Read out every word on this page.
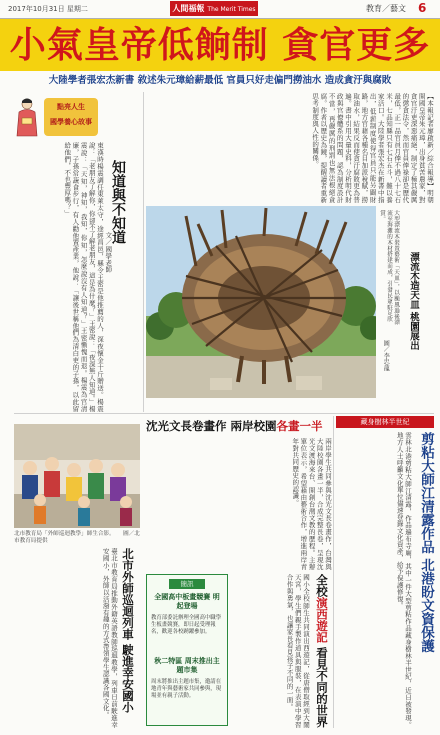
2017年10月31日 星期二	人間福報 The Merit Times	教育／藝文 6
小氣皇帝低餉制 貪官更多
大陸學者張宏杰新書 敘述朱元璋給薪最低 官員只好走偏門撈油水 造成貪汙與腐敗
點亮人生
國學養心故事	【本報記者廖啟新／綜合報導】明朝開國皇帝朱元璋，出身貧苦農家，對貪官汙吏深惡痛絕，制定了極其嚴厲的懲貪法令，然而官員俸祿卻是歷代最低，正一品官員月俸不過八十七石米，七品知縣只有七石五斗，難以養家活口。大陸學者張宏杰在新書中指出，低薪制度使得官員只能另闢財路，地方官藉各種名目加派稅賦，撈取油水，結果反而使貪汙腐敗更為普遍。書中引用大量史料，分析明代財政與官僚體系的問題，認為制度設計不當，再嚴厲的刑罰也無法根絕貪腐。作者以歷史為鏡，提醒讀者重新思考制度與人性的關係。
知道與不知道
東漢時楊震調任東萊太守，途經昌邑，縣令王密是他推薦的人，深夜懷金十斤贈送。楊震說：「老朋友了解你，你卻不了解老朋友，這是為什麼？」王密說：「夜深無人知道。」楊震說：「天知，神知，我知，你知，怎麼說沒有人知道？」王密慚愧而退。楊震為官清廉，子孫常蔬食步行，有人勸他置產業，他說：「讓後世稱他們為清白吏的子孫，以此留給他們，不也豐厚嗎？」
文／國學老師	漂流木造天皿 桃園展出
大型漂流木裝置藝術「天皿」，以颱風過後漂流至海灘的木材搭建而成，引發民眾駐足欣賞。
圖／李忠龍
沈光文長卷畫作 兩岸校園各畫一半
兩岸學生共同參與沈光文長卷畫作，台灣與大陸校園各畫一半，合成完整長卷，呈現沈光文渡海來台、開創台灣文教的歷程。主辦單位表示，希望藉由藝術合作，增進兩岸青年對共同歷史的認識。
藏身樹林半世紀
剪粘大師江清露作品 北港盼文資保護
雲林北港剪粘大師江清露，作品遍布寺廟，其中一件大型剪粘作品藏身樹林半世紀，近日被發現。地方人士呼籲文化單位儘速登錄文化資產，給予保護修復。
全校演西遊記 看見不同的世界
國小全校師生共同演出西遊記，從唐僧取經到大鬧天宮，學生們親手製作道具與服裝，在表演中學習合作與勇氣，也讓家長看見孩子不同的一面。
簡訊
全國高中板畫競賽 明起登場
教育部委託辦理全國高中職學生板畫競賽，即日起受理報名，歡迎各校踴躍參加。
秋二特區 周末推出主題市集
周末將推出主題市集，邀請在地青年與藝術家共同參與，現場並有親子活動。
北市教育局「外師巡迴教學」師生合影。　　圖／北市教育局提供
北市外師巡迴列車 駛進幸安國小
臺北市教育局推動外籍英語教師巡迴教學，列車日前駛進幸安國小，外師以活潑有趣的方式帶領學生認識各國文化。
